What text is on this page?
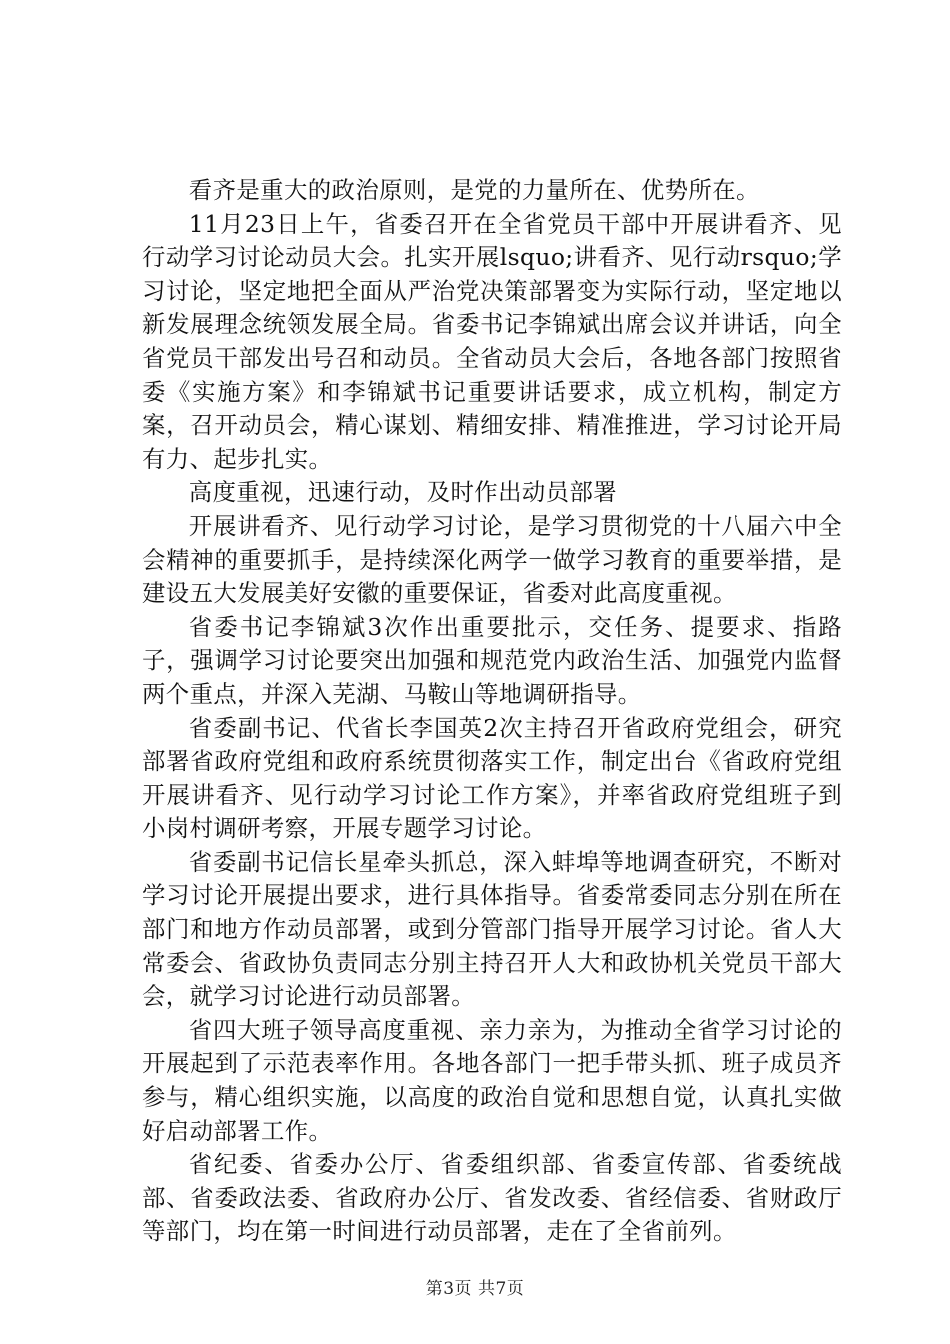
看齐是重大的政治原则，是党的力量所在、优势所在。

11月23日上午，省委召开在全省党员干部中开展讲看齐、见行动学习讨论动员大会。扎实开展lsquo;讲看齐、见行动rsquo;学习讨论，坚定地把全面从严治党决策部署变为实际行动，坚定地以新发展理念统领发展全局。省委书记李锦斌出席会议并讲话，向全省党员干部发出号召和动员。全省动员大会后，各地各部门按照省委《实施方案》和李锦斌书记重要讲话要求，成立机构，制定方案，召开动员会，精心谋划、精细安排、精准推进，学习讨论开局有力、起步扎实。

高度重视，迅速行动，及时作出动员部署

开展讲看齐、见行动学习讨论，是学习贯彻党的十八届六中全会精神的重要抓手，是持续深化两学一做学习教育的重要举措，是建设五大发展美好安徽的重要保证，省委对此高度重视。

省委书记李锦斌3次作出重要批示，交任务、提要求、指路子，强调学习讨论要突出加强和规范党内政治生活、加强党内监督两个重点，并深入芜湖、马鞍山等地调研指导。

省委副书记、代省长李国英2次主持召开省政府党组会，研究部署省政府党组和政府系统贯彻落实工作，制定出台《省政府党组开展讲看齐、见行动学习讨论工作方案》，并率省政府党组班子到小岗村调研考察，开展专题学习讨论。

省委副书记信长星牵头抓总，深入蚌埠等地调查研究，不断对学习讨论开展提出要求，进行具体指导。省委常委同志分别在所在部门和地方作动员部署，或到分管部门指导开展学习讨论。省人大常委会、省政协负责同志分别主持召开人大和政协机关党员干部大会，就学习讨论进行动员部署。

省四大班子领导高度重视、亲力亲为，为推动全省学习讨论的开展起到了示范表率作用。各地各部门一把手带头抓、班子成员齐参与，精心组织实施，以高度的政治自觉和思想自觉，认真扎实做好启动部署工作。

省纪委、省委办公厅、省委组织部、省委宣传部、省委统战部、省委政法委、省政府办公厅、省发改委、省经信委、省财政厅等部门，均在第一时间进行动员部署，走在了全省前列。

第3页 共7页
